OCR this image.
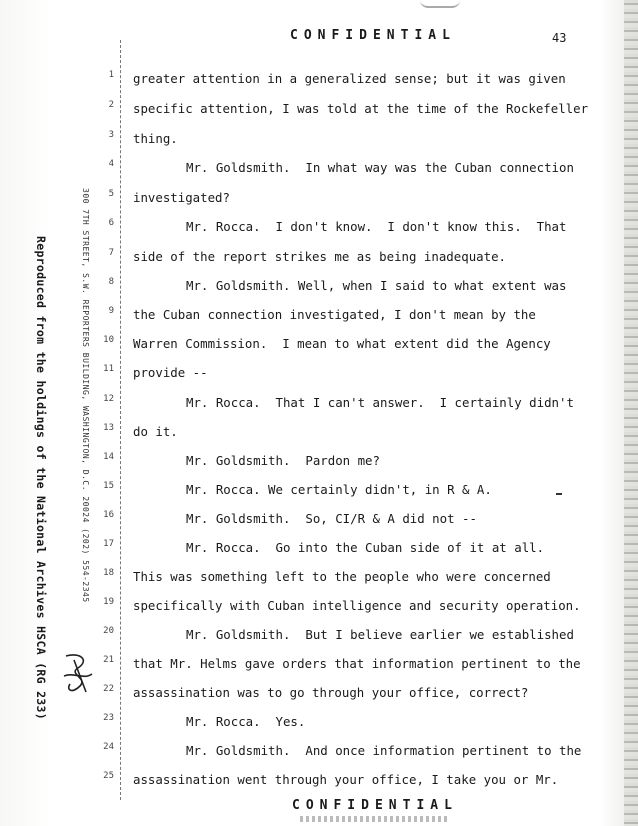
CONFIDENTIAL	43
Reproduced from the holdings of the National Archives HSCA (RG 233)	300 7TH STREET, S.W. REPORTERS BUILDING, WASHINGTON, D.C. 20024 (202) 554-2345
1
2
3
4
5
6
7
8
9
10
11
12
13
14
15
16
17
18
19
20
21
22
23
24
25
greater attention in a generalized sense; but it was given
specific attention, I was told at the time of the Rockefeller
thing.
Mr. Goldsmith.  In what way was the Cuban connection
investigated?
Mr. Rocca.  I don't know.  I don't know this.  That
side of the report strikes me as being inadequate.
Mr. Goldsmith. Well, when I said to what extent was
the Cuban connection investigated, I don't mean by the
Warren Commission.  I mean to what extent did the Agency
provide --
Mr. Rocca.  That I can't answer.  I certainly didn't
do it.
Mr. Goldsmith.  Pardon me?
Mr. Rocca. We certainly didn't, in R & A.
Mr. Goldsmith.  So, CI/R & A did not --
Mr. Rocca.  Go into the Cuban side of it at all.
This was something left to the people who were concerned
specifically with Cuban intelligence and security operation.
Mr. Goldsmith.  But I believe earlier we established
that Mr. Helms gave orders that information pertinent to the
assassination was to go through your office, correct?
Mr. Rocca.  Yes.
Mr. Goldsmith.  And once information pertinent to the
assassination went through your office, I take you or Mr.
CONFIDENTIAL
